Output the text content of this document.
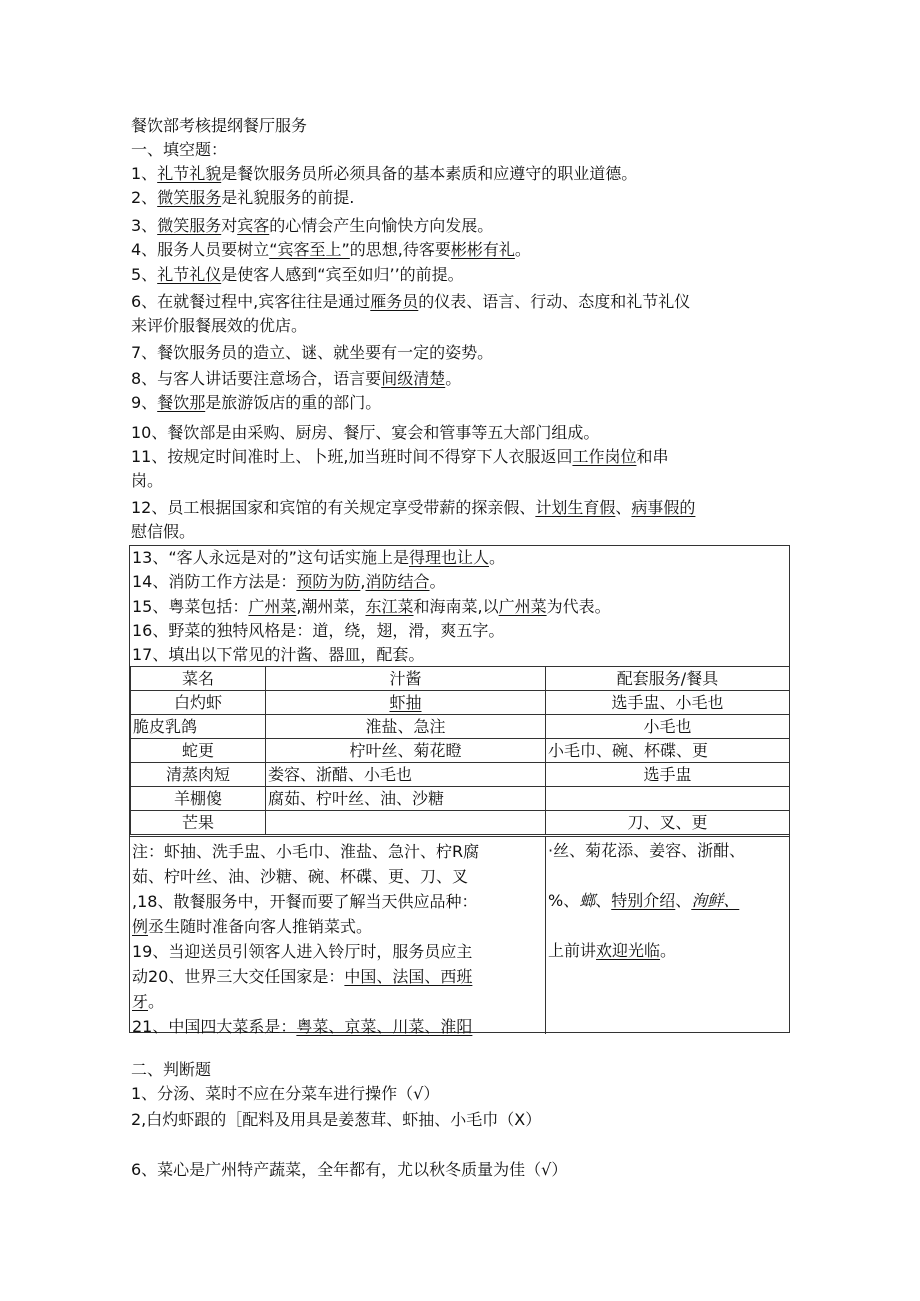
餐饮部考核提纲餐厅服务
一、填空题：
1、礼节礼貌是餐饮服务员所必须具备的基本素质和应遵守的职业道德。
2、微笑服务是礼貌服务的前提.
3、微笑服务对宾客的心情会产生向愉快方向发展。
4、服务人员要树立“宾客至上”的思想,待客要彬彬有礼。
5、礼节礼仪是使客人感到“宾至如归’’的前提。
6、在就餐过程中,宾客往往是通过雁务员的仪表、语言、行动、态度和礼节礼仪
来评价服餐展效的优店。
7、餐饮服务员的造立、谜、就坐要有一定的姿势。
8、与客人讲话要注意场合，语言要间级清楚。
9、餐饮那是旅游饭店的重的部门。
10、餐饮部是由采购、厨房、餐厅、宴会和管事等五大部门组成。
11、按规定时间准时上、卜班,加当班时间不得穿下人衣服返回工作岗位和串
岗。
12、员工根据国家和宾馆的有关规定享受带薪的探亲假、计划生育假、病事假的
慰信假。
13、“客人永远是对的”这句话实施上是得理也让人。
14、消防工作方法是：预防为防,消防结合。
15、粤菜包括：广州菜,潮州菜，东江菜和海南菜,以广州菜为代表。
16、野菜的独特风格是：道，绕，翅，滑，爽五字。
17、填出以下常见的汁酱、器皿，配套。
菜名	汁酱	配套服务/餐具
白灼虾	虾抽	选手盅、小毛也
脆皮乳鸽	淮盐、急注	小毛也
蛇更	柠叶丝、菊花瞪	小毛巾、碗、杯碟、更
清蒸肉短	娄容、浙醋、小毛也	选手盅
羊棚傻	腐茹、柠叶丝、油、沙糖	
芒果		刀、叉、更
注：虾抽、洗手盅、小毛巾、淮盐、急汁、柠R腐
茹、柠叶丝、油、沙糖、碗、杯碟、更、刀、叉
,18、散餐服务中，开餐而要了解当天供应品种：
例丞生随时准备向客人推销菜式。
19、当迎送员引领客人进入铃厅时，服务员应主
动20、世界三大交任国家是：中国、法国、西班
牙。
21、中国四大菜系是：粤菜、京菜、川菜、淮阳
·丝、菊花添、姜容、浙酣、
%、螂、特别介绍、洵鲜、
上前讲欢迎光临。
二、判断题
1、分汤、菜时不应在分菜车进行操作（√）
2,白灼虾跟的［配料及用具是姜葱茸、虾抽、小毛巾（X）
6、菜心是广州特产蔬菜，全年都有，尤以秋冬质量为佳（√）
